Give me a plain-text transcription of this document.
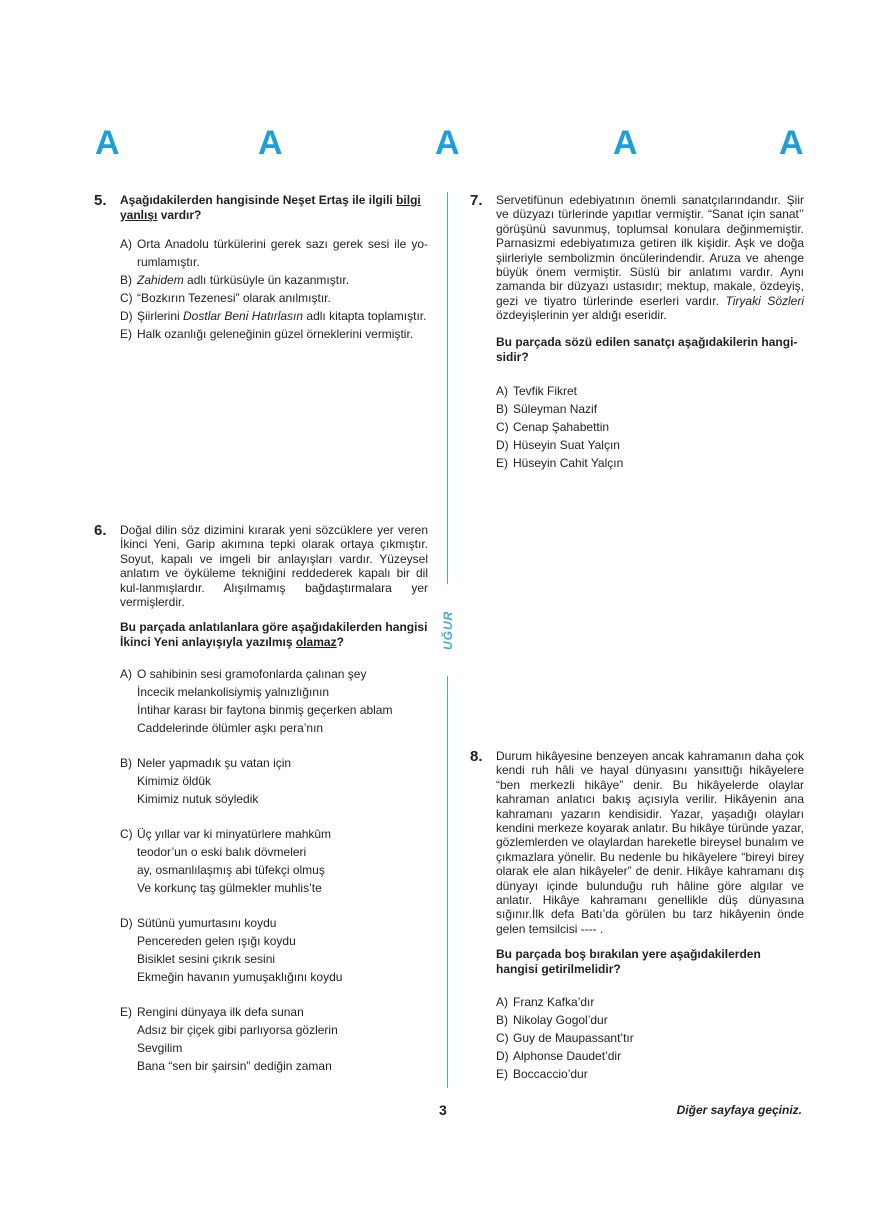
A	A	A	A	A
UĞUR
5. Aşağıdakilerden hangisinde Neşet Ertaş ile ilgili bilgi
yanlışı vardır?
A) Orta Anadolu türkülerini gerek sazı gerek sesi ile yo-
rumlamıştır.
B) Zahidem adlı türküsüyle ün kazanmıştır.
C) “Bozkırın Tezenesi” olarak anılmıştır.
D) Şiirlerini Dostlar Beni Hatırlasın adlı kitapta toplamıştır.
E) Halk ozanlığı geleneğinin güzel örneklerini vermiştir.
6. Doğal dilin söz dizimini kırarak yeni sözcüklere yer veren İkinci Yeni, Garip akımına tepki olarak ortaya çıkmıştır. Soyut, kapalı ve imgeli bir anlayışları vardır. Yüzeysel anlatım ve öyküleme tekniğini reddederek kapalı bir dil kul-lanmışlardır. Alışılmamış bağdaştırmalara yer vermişlerdir.
Bu parçada anlatılanlara göre aşağıdakilerden hangisi İkinci Yeni anlayışıyla yazılmış olamaz?
A) O sahibinin sesi gramofonlarda çalınan şey
İncecik melankolisiymiş yalnızlığının
İntihar karası bir faytona binmiş geçerken ablam
Caddelerinde ölümler aşkı pera’nın
B) Neler yapmadık şu vatan için
Kimimiz öldük
Kimimiz nutuk söyledik
C) Üç yıllar var ki minyatürlere mahkûm
teodor’un o eski balık dövmeleri
ay, osmanlılaşmış abi tüfekçi olmuş
Ve korkunç taş gülmekler muhlis’te
D) Sütünü yumurtasını koydu
Pencereden gelen ışığı koydu
Bisiklet sesini çıkrık sesini
Ekmeğin havanın yumuşaklığını koydu
E) Rengini dünyaya ilk defa sunan
Adsız bir çiçek gibi parlıyorsa gözlerin
Sevgilim
Bana “sen bir şairsin” dediğin zaman
7. Servetifünun edebiyatının önemli sanatçılarındandır. Şiir ve düzyazı türlerinde yapıtlar vermiştir. “Sanat için sanat’’ görüşünü savunmuş, toplumsal konulara değinmemiştir. Parnasizmi edebiyatımıza getiren ilk kişidir. Aşk ve doğa şiirleriyle sembolizmin öncülerindendir. Aruza ve ahenge büyük önem vermiştir. Süslü bir anlatımı vardır. Aynı zamanda bir düzyazı ustasıdır; mektup, makale, özdeyiş, gezi ve tiyatro türlerinde eserleri vardır. Tiryaki Sözleri özdeyişlerinin yer aldığı eseridir.
Bu parçada sözü edilen sanatçı aşağıdakilerin hangi-sidir?
A) Tevfik Fikret
B) Süleyman Nazif
C) Cenap Şahabettin
D) Hüseyin Suat Yalçın
E) Hüseyin Cahit Yalçın
8. Durum hikâyesine benzeyen ancak kahramanın daha çok kendi ruh hâli ve hayal dünyasını yansıttığı hikâyelere “ben merkezli hikâye” denir. Bu hikâyelerde olaylar kahraman anlatıcı bakış açısıyla verilir. Hikâyenin ana kahramanı yazarın kendisidir. Yazar, yaşadığı olayları kendini merkeze koyarak anlatır. Bu hikâye türünde yazar, gözlemlerden ve olaylardan hareketle bireysel bunalım ve çıkmazlara yönelir. Bu nedenle bu hikâyelere “bireyi birey olarak ele alan hikâyeler” de denir. Hikâye kahramanı dış dünyayı içinde bulunduğu ruh hâline göre algılar ve anlatır. Hikâye kahramanı genellikle düş dünyasına sığınır.İlk defa Batı’da görülen bu tarz hikâyenin önde gelen temsilcisi ---- .
Bu parçada boş bırakılan yere aşağıdakilerden hangisi getirilmelidir?
A) Franz Kafka’dır
B) Nikolay Gogol’dur
C) Guy de Maupassant’tır
D) Alphonse Daudet’dir
E) Boccaccio’dur
3	Diğer sayfaya geçiniz.
